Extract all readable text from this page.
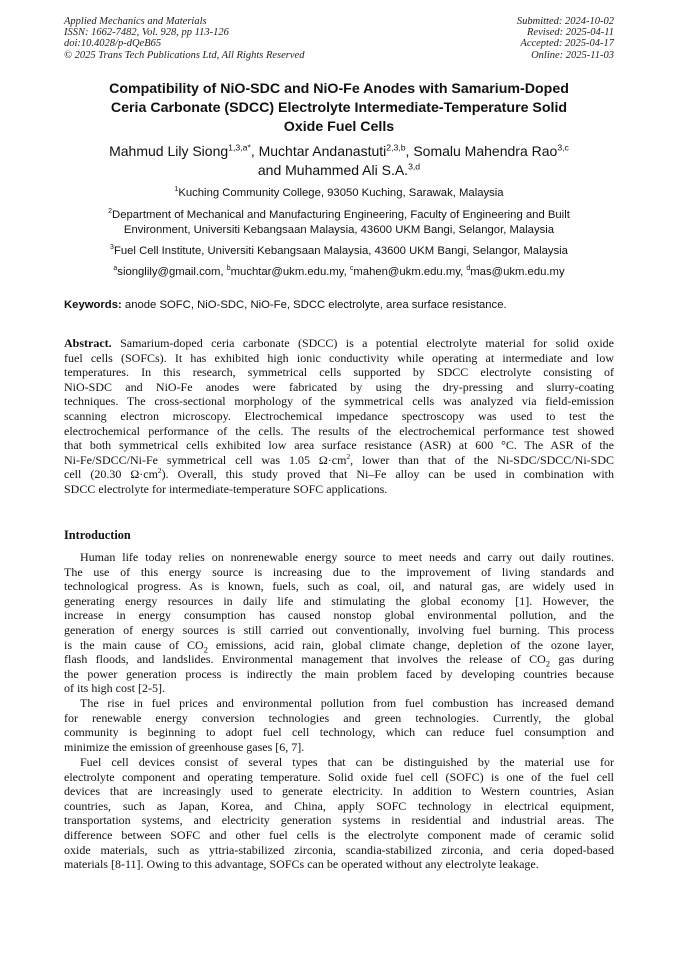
Applied Mechanics and Materials
ISSN: 1662-7482, Vol. 928, pp 113-126
doi:10.4028/p-dQeB65
© 2025 Trans Tech Publications Ltd, All Rights Reserved
Submitted: 2024-10-02
Revised: 2025-04-11
Accepted: 2025-04-17
Online: 2025-11-03
Compatibility of NiO-SDC and NiO-Fe Anodes with Samarium-Doped
Ceria Carbonate (SDCC) Electrolyte Intermediate-Temperature Solid
Oxide Fuel Cells
Mahmud Lily Siong$^{1,3,a*}$, Muchtar Andanastuti$^{2,3,b}$, Somalu Mahendra Rao$^{3,c}$
and Muhammed Ali S.A.$^{3,d}$
$^1$Kuching Community College, 93050 Kuching, Sarawak, Malaysia
$^2$Department of Mechanical and Manufacturing Engineering, Faculty of Engineering and Built
Environment, Universiti Kebangsaan Malaysia, 43600 UKM Bangi, Selangor, Malaysia
$^3$Fuel Cell Institute, Universiti Kebangsaan Malaysia, 43600 UKM Bangi, Selangor, Malaysia
$^a$sionglily@gmail.com, $^b$muchtar@ukm.edu.my, $^c$mahen@ukm.edu.my, $^d$mas@ukm.edu.my
Keywords: anode SOFC, NiO-SDC, NiO-Fe, SDCC electrolyte, area surface resistance.
Abstract. Samarium-doped ceria carbonate (SDCC) is a potential electrolyte material for solid oxide
fuel cells (SOFCs). It has exhibited high ionic conductivity while operating at intermediate and low
temperatures. In this research, symmetrical cells supported by SDCC electrolyte consisting of
NiO-SDC and NiO-Fe anodes were fabricated by using the dry-pressing and slurry-coating
techniques. The cross-sectional morphology of the symmetrical cells was analyzed via field-emission
scanning electron microscopy. Electrochemical impedance spectroscopy was used to test the
electrochemical performance of the cells. The results of the electrochemical performance test showed
that both symmetrical cells exhibited low area surface resistance (ASR) at 600 °C. The ASR of the
Ni-Fe/SDCC/Ni-Fe symmetrical cell was 1.05 $\Omega\cdot cm^2$, lower than that of the Ni-SDC/SDCC/Ni-SDC
cell (20.30 $\Omega\cdot cm^2$). Overall, this study proved that Ni–Fe alloy can be used in combination with
SDCC electrolyte for intermediate-temperature SOFC applications.
Introduction
Human life today relies on nonrenewable energy source to meet needs and carry out daily routines.
The use of this energy source is increasing due to the improvement of living standards and
technological progress. As is known, fuels, such as coal, oil, and natural gas, are widely used in
generating energy resources in daily life and stimulating the global economy [1]. However, the
increase in energy consumption has caused nonstop global environmental pollution, and the
generation of energy sources is still carried out conventionally, involving fuel burning. This process
is the main cause of $CO_2$ emissions, acid rain, global climate change, depletion of the ozone layer,
flash floods, and landslides. Environmental management that involves the release of $CO_2$ gas during
the power generation process is indirectly the main problem faced by developing countries because
of its high cost [2-5].
The rise in fuel prices and environmental pollution from fuel combustion has increased demand
for renewable energy conversion technologies and green technologies. Currently, the global
community is beginning to adopt fuel cell technology, which can reduce fuel consumption and
minimize the emission of greenhouse gases [6, 7].
Fuel cell devices consist of several types that can be distinguished by the material use for
electrolyte component and operating temperature. Solid oxide fuel cell (SOFC) is one of the fuel cell
devices that are increasingly used to generate electricity. In addition to Western countries, Asian
countries, such as Japan, Korea, and China, apply SOFC technology in electrical equipment,
transportation systems, and electricity generation systems in residential and industrial areas. The
difference between SOFC and other fuel cells is the electrolyte component made of ceramic solid
oxide materials, such as yttria-stabilized zirconia, scandia-stabilized zirconia, and ceria doped-based
materials [8-11]. Owing to this advantage, SOFCs can be operated without any electrolyte leakage.
